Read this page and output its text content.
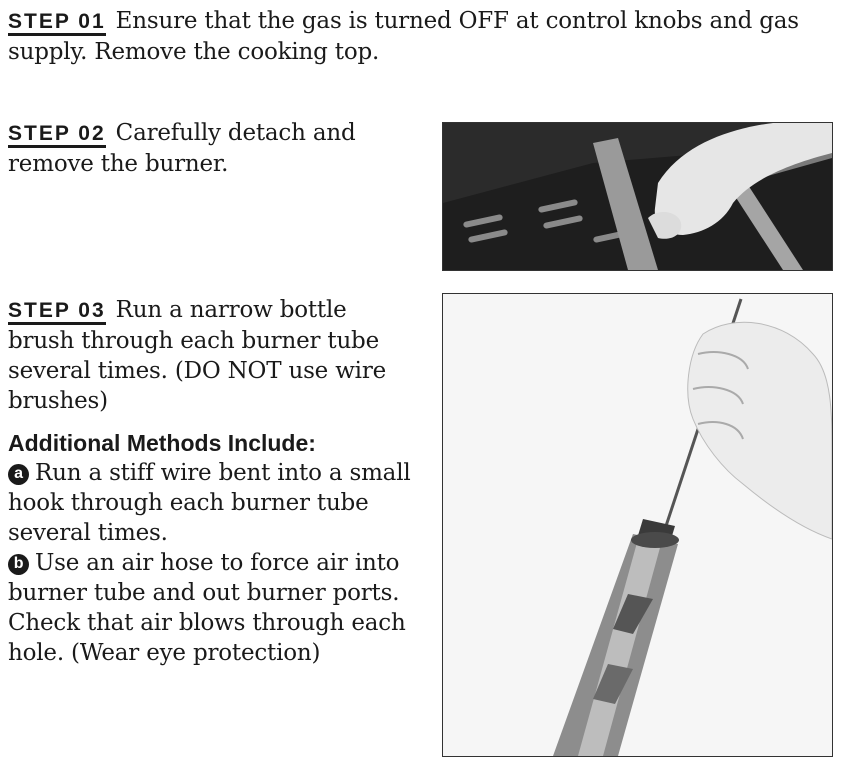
STEP 01 Ensure that the gas is turned OFF at control knobs and gas supply. Remove the cooking top.
STEP 02 Carefully detach and remove the burner.
STEP 03 Run a narrow bottle brush through each burner tube several times. (DO NOT use wire brushes)
Additional Methods Include:
a Run a stiff wire bent into a small hook through each burner tube several times.
b Use an air hose to force air into burner tube and out burner ports. Check that air blows through each hole. (Wear eye protection)
